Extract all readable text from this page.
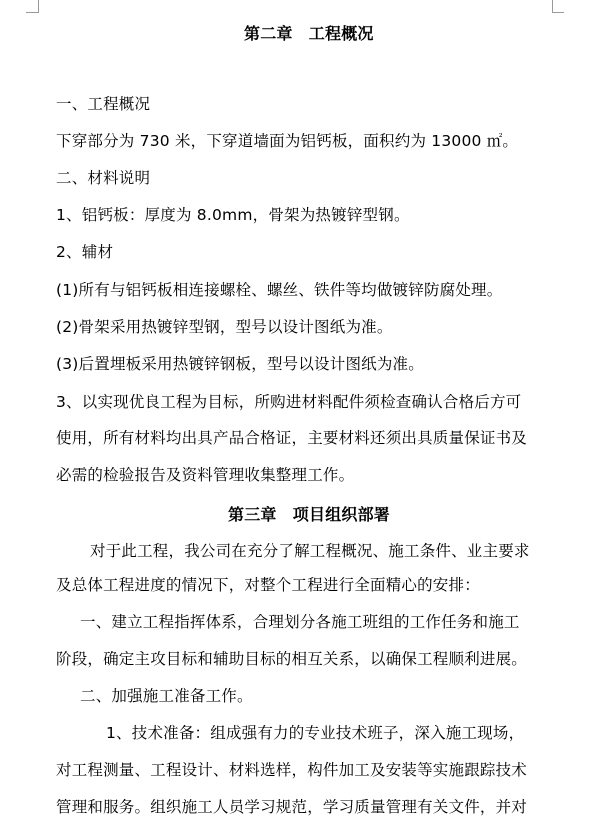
第二章　工程概况
一、工程概况
下穿部分为 730 米，下穿道墙面为铝钙板，面积约为 13000 ㎡。
二、材料说明
1、铝钙板：厚度为 8.0mm，骨架为热镀锌型钢。
2、辅材
(1)所有与铝钙板相连接螺栓、螺丝、铁件等均做镀锌防腐处理。
(2)骨架采用热镀锌型钢，型号以设计图纸为准。
(3)后置埋板采用热镀锌钢板，型号以设计图纸为准。
3、以实现优良工程为目标，所购进材料配件须检查确认合格后方可
使用，所有材料均出具产品合格证，主要材料还须出具质量保证书及
必需的检验报告及资料管理收集整理工作。
第三章　项目组织部署
对于此工程，我公司在充分了解工程概况、施工条件、业主要求
及总体工程进度的情况下，对整个工程进行全面精心的安排：
一、建立工程指挥体系，合理划分各施工班组的工作任务和施工
阶段，确定主攻目标和辅助目标的相互关系，以确保工程顺利进展。
二、加强施工准备工作。
1、技术准备：组成强有力的专业技术班子，深入施工现场，
对工程测量、工程设计、材料选样，构件加工及安装等实施跟踪技术
管理和服务。组织施工人员学习规范，学习质量管理有关文件，并对
